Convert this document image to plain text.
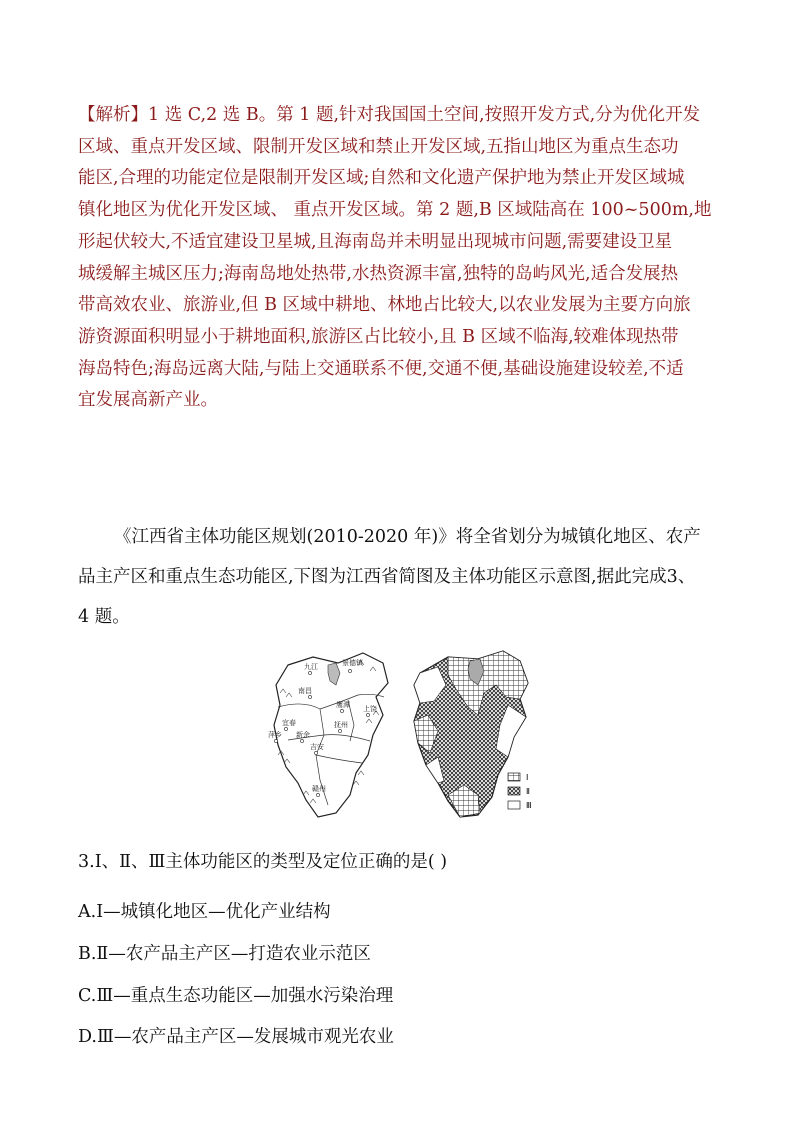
【解析】1 选 C,2 选 B。第 1 题,针对我国国土空间,按照开发方式,分为优化开发
区域、重点开发区域、限制开发区域和禁止开发区域,五指山地区为重点生态功
能区,合理的功能定位是限制开发区域;自然和文化遗产保护地为禁止开发区域城
镇化地区为优化开发区域、 重点开发区域。第 2 题,B 区域陆高在 100~500m,地
形起伏较大,不适宜建设卫星城,且海南岛并未明显出现城市问题,需要建设卫星
城缓解主城区压力;海南岛地处热带,水热资源丰富,独特的岛屿风光,适合发展热
带高效农业、旅游业,但 B 区域中耕地、林地占比较大,以农业发展为主要方向旅
游资源面积明显小于耕地面积,旅游区占比较小,且 B 区域不临海,较难体现热带
海岛特色;海岛远离大陆,与陆上交通联系不便,交通不便,基础设施建设较差,不适
宜发展高新产业。
《江西省主体功能区规划(2010-2020 年)》将全省划分为城镇化地区、农产
品主产区和重点生态功能区,下图为江西省简图及主体功能区示意图,据此完成3、
4 题。
九江	景德镇
南昌
鹰潭 上饶
宜春
萍乡 新余
抚州
吉安
赣州
Ⅰ
Ⅱ
Ⅲ
3.Ⅰ、Ⅱ、Ⅲ主体功能区的类型及定位正确的是( )
A.Ⅰ—城镇化地区—优化产业结构
B.Ⅱ—农产品主产区—打造农业示范区
C.Ⅲ—重点生态功能区—加强水污染治理
D.Ⅲ—农产品主产区—发展城市观光农业
